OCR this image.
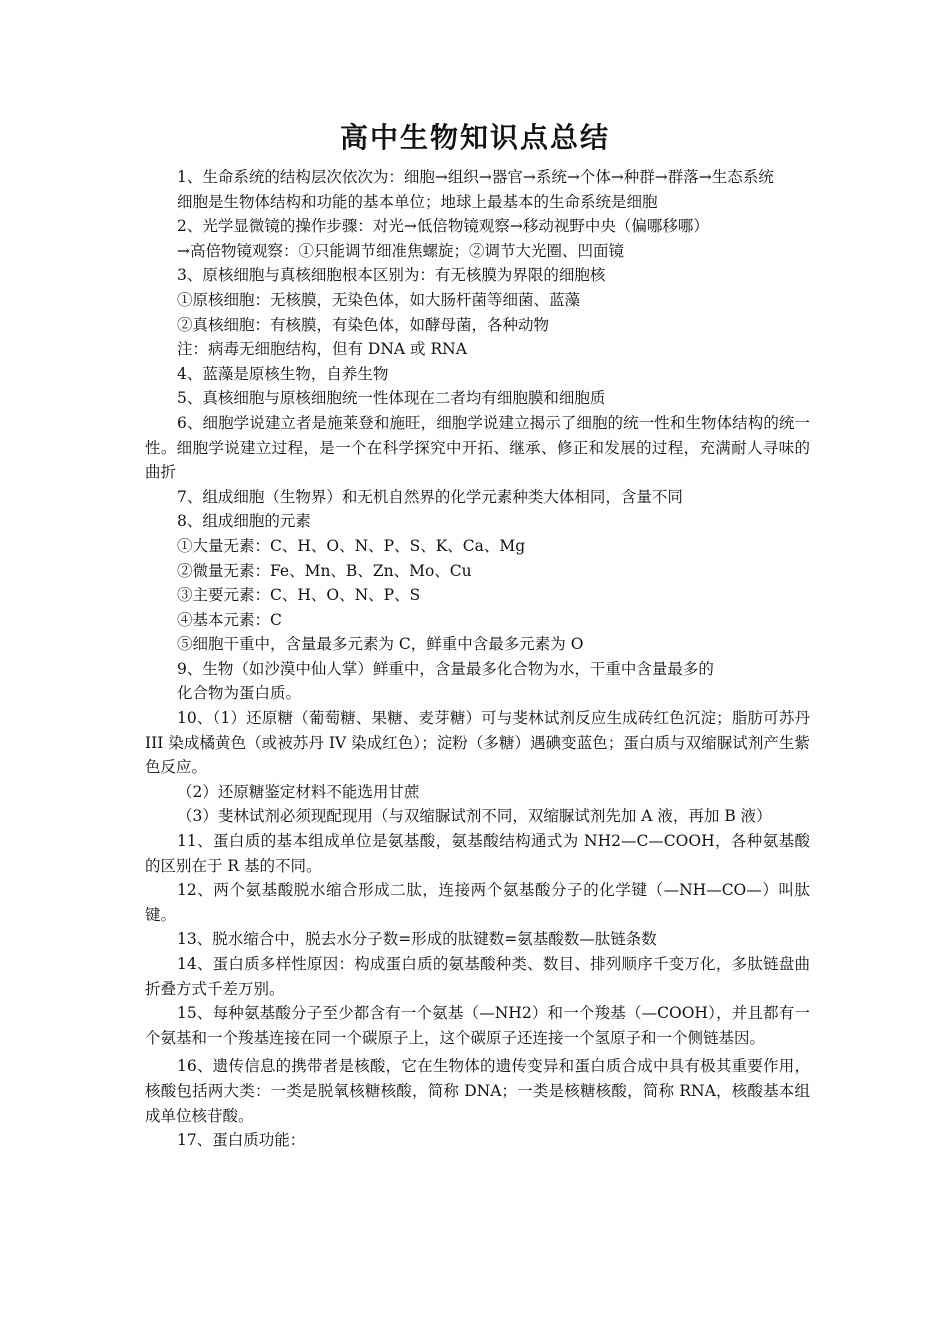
高中生物知识点总结

1、生命系统的结构层次依次为：细胞→组织→器官→系统→个体→种群→群落→生态系统

细胞是生物体结构和功能的基本单位；地球上最基本的生命系统是细胞

2、光学显微镜的操作步骤：对光→低倍物镜观察→移动视野中央（偏哪移哪）

→高倍物镜观察：①只能调节细准焦螺旋；②调节大光圈、凹面镜

3、原核细胞与真核细胞根本区别为：有无核膜为界限的细胞核

①原核细胞：无核膜，无染色体，如大肠杆菌等细菌、蓝藻

②真核细胞：有核膜，有染色体，如酵母菌，各种动物

注：病毒无细胞结构，但有 DNA 或 RNA

4、蓝藻是原核生物，自养生物

5、真核细胞与原核细胞统一性体现在二者均有细胞膜和细胞质

6、细胞学说建立者是施莱登和施旺，细胞学说建立揭示了细胞的统一性和生物体结构的统一性。细胞学说建立过程，是一个在科学探究中开拓、继承、修正和发展的过程，充满耐人寻味的曲折

7、组成细胞（生物界）和无机自然界的化学元素种类大体相同，含量不同

8、组成细胞的元素

①大量无素：C、H、O、N、P、S、K、Ca、Mg

②微量无素：Fe、Mn、B、Zn、Mo、Cu

③主要元素：C、H、O、N、P、S

④基本元素：C

⑤细胞干重中，含量最多元素为 C，鲜重中含最多元素为 O

9、生物（如沙漠中仙人掌）鲜重中，含量最多化合物为水，干重中含量最多的

化合物为蛋白质。

10、（1）还原糖（葡萄糖、果糖、麦芽糖）可与斐林试剂反应生成砖红色沉淀；脂肪可苏丹 III 染成橘黄色（或被苏丹 IV 染成红色）；淀粉（多糖）遇碘变蓝色；蛋白质与双缩脲试剂产生紫色反应。

（2）还原糖鉴定材料不能选用甘蔗

（3）斐林试剂必须现配现用（与双缩脲试剂不同，双缩脲试剂先加 A 液，再加 B 液）

11、蛋白质的基本组成单位是氨基酸，氨基酸结构通式为 NH2—C—COOH，各种氨基酸的区别在于 R 基的不同。

12、两个氨基酸脱水缩合形成二肽，连接两个氨基酸分子的化学键（—NH—CO—）叫肽键。

13、脱水缩合中，脱去水分子数=形成的肽键数=氨基酸数—肽链条数

14、蛋白质多样性原因：构成蛋白质的氨基酸种类、数目、排列顺序千变万化，多肽链盘曲折叠方式千差万别。

15、每种氨基酸分子至少都含有一个氨基（—NH2）和一个羧基（—COOH），并且都有一个氨基和一个羧基连接在同一个碳原子上，这个碳原子还连接一个氢原子和一个侧链基因。

16、遗传信息的携带者是核酸，它在生物体的遗传变异和蛋白质合成中具有极其重要作用，核酸包括两大类：一类是脱氧核糖核酸，简称 DNA；一类是核糖核酸，简称 RNA，核酸基本组成单位核苷酸。

17、蛋白质功能：
